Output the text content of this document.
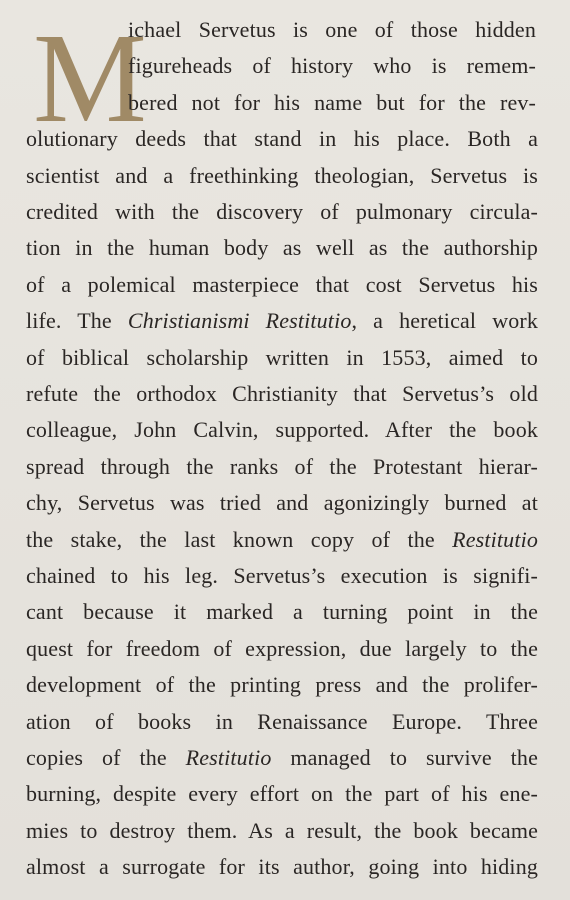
M
ichael Servetus is one of those hidden
figureheads of history who is remem-
bered not for his name but for the rev-
olutionary deeds that stand in his place. Both a
scientist and a freethinking theologian, Servetus is
credited with the discovery of pulmonary circula-
tion in the human body as well as the authorship
of a polemical masterpiece that cost Servetus his
life. The Christianismi Restitutio, a heretical work
of biblical scholarship written in 1553, aimed to
refute the orthodox Christianity that Servetus’s old
colleague, John Calvin, supported. After the book
spread through the ranks of the Protestant hierar-
chy, Servetus was tried and agonizingly burned at
the stake, the last known copy of the Restitutio
chained to his leg. Servetus’s execution is signifi-
cant because it marked a turning point in the
quest for freedom of expression, due largely to the
development of the printing press and the prolifer-
ation of books in Renaissance Europe. Three
copies of the Restitutio managed to survive the
burning, despite every effort on the part of his ene-
mies to destroy them. As a result, the book became
almost a surrogate for its author, going into hiding
